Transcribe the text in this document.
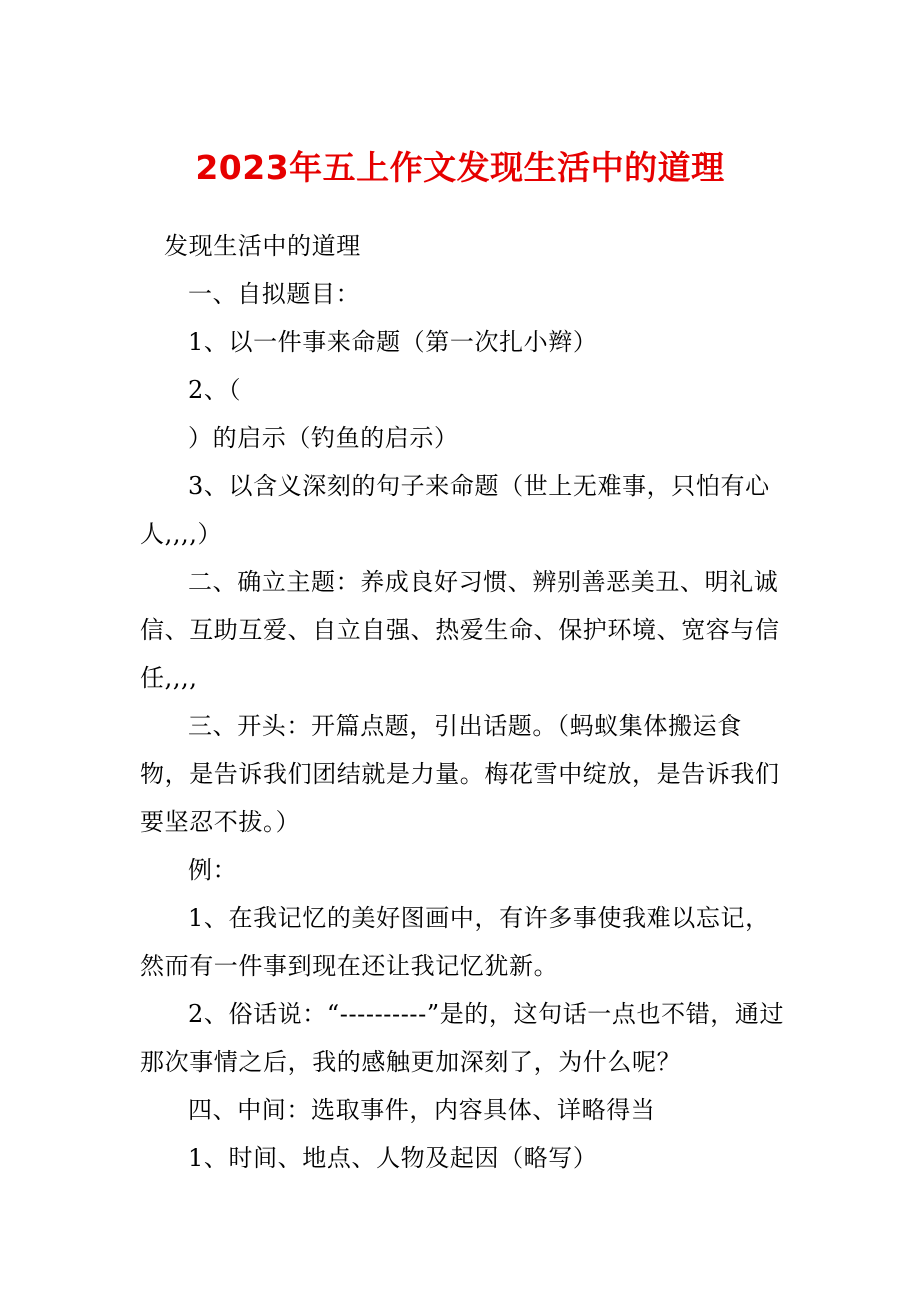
2023年五上作文发现生活中的道理

发现生活中的道理

一、自拟题目：

1、以一件事来命题（第一次扎小辫）

2、（

）的启示（钓鱼的启示）

3、以含义深刻的句子来命题（世上无难事，只怕有心人,,,,）

二、确立主题：养成良好习惯、辨别善恶美丑、明礼诚信、互助互爱、自立自强、热爱生命、保护环境、宽容与信任,,,,

三、开头：开篇点题，引出话题。（蚂蚁集体搬运食物，是告诉我们团结就是力量。梅花雪中绽放，是告诉我们要坚忍不拔。）

例：

1、在我记忆的美好图画中，有许多事使我难以忘记，然而有一件事到现在还让我记忆犹新。

2、俗话说：“----------”是的，这句话一点也不错，通过那次事情之后，我的感触更加深刻了，为什么呢？

四、中间：选取事件，内容具体、详略得当

1、时间、地点、人物及起因（略写）
